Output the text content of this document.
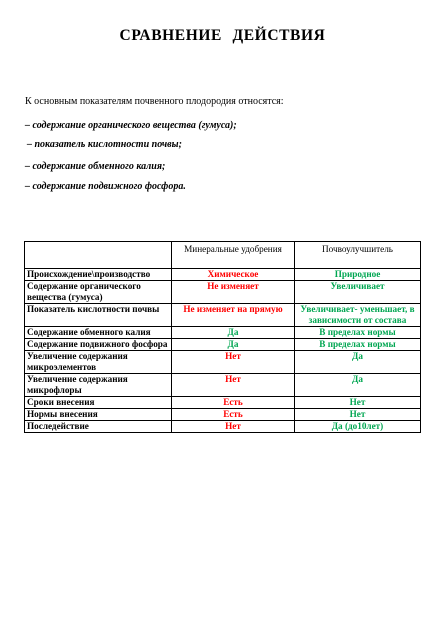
СРАВНЕНИЕ ДЕЙСТВИЯ
К основным показателям почвенного плодородия относятся:
– содержание органического вещества (гумуса);
– показатель кислотности почвы;
– содержание обменного калия;
– содержание подвижного фосфора.
	Минеральные удобрения	Почвоулучшитель
Происхождение\производство	Химическое	Природное
Содержание органического вещества (гумуса)	Не изменяет	Увеличивает
Показатель кислотности почвы	Не изменяет на прямую	Увеличивает- уменьшает, в зависимости от состава
Содержание обменного калия	Да	В пределах нормы
Содержание подвижного фосфора	Да	В пределах нормы
Увеличение содержания микроэлементов	Нет	Да
Увеличение содержания микрофлоры	Нет	Да
Сроки внесения	Есть	Нет
Нормы внесения	Есть	Нет
Последействие	Нет	Да (до10лет)
